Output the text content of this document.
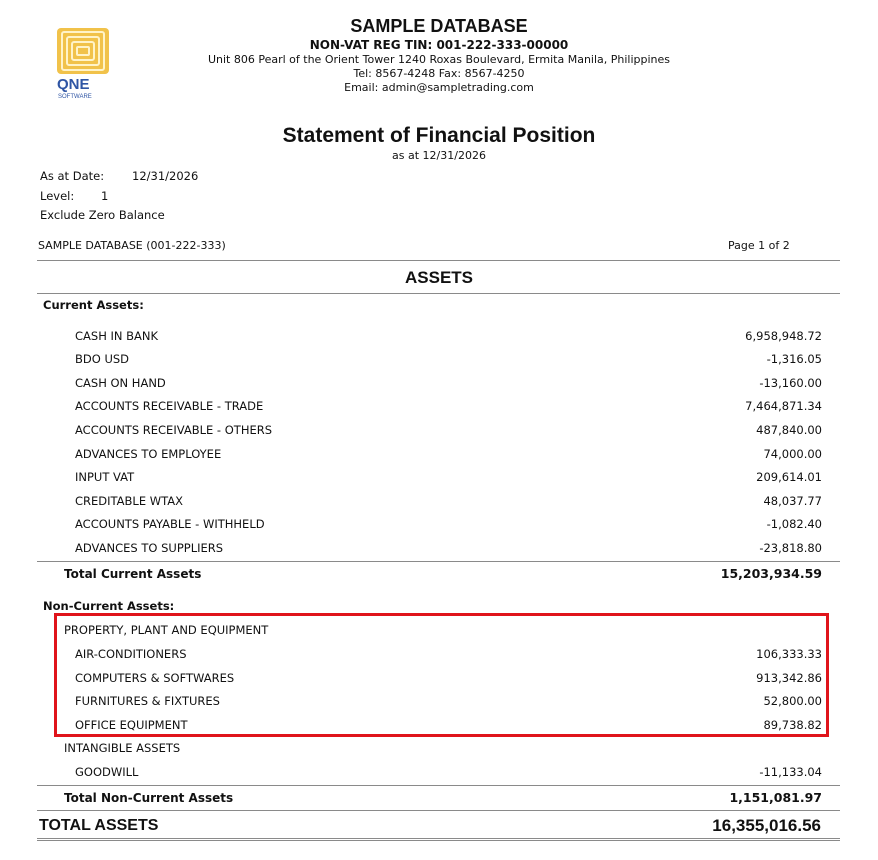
QNE
SOFTWARE
SAMPLE DATABASE
NON-VAT REG TIN: 001-222-333-00000
Unit 806 Pearl of the Orient Tower 1240 Roxas Boulevard, Ermita Manila, Philippines
Tel: 8567-4248 Fax: 8567-4250
Email: admin@sampletrading.com
Statement of Financial Position
as at 12/31/2026
As at Date: 12/31/2026
Level: 1
Exclude Zero Balance
SAMPLE DATABASE (001-222-333)	Page 1 of 2
ASSETS
Current Assets:
CASH IN BANK	6,958,948.72
BDO USD	-1,316.05
CASH ON HAND	-13,160.00
ACCOUNTS RECEIVABLE - TRADE	7,464,871.34
ACCOUNTS RECEIVABLE - OTHERS	487,840.00
ADVANCES TO EMPLOYEE	74,000.00
INPUT VAT	209,614.01
CREDITABLE WTAX	48,037.77
ACCOUNTS PAYABLE - WITHHELD	-1,082.40
ADVANCES TO SUPPLIERS	-23,818.80
Total Current Assets	15,203,934.59
Non-Current Assets:
PROPERTY, PLANT AND EQUIPMENT
AIR-CONDITIONERS	106,333.33
COMPUTERS & SOFTWARES	913,342.86
FURNITURES & FIXTURES	52,800.00
OFFICE EQUIPMENT	89,738.82
INTANGIBLE ASSETS
GOODWILL	-11,133.04
Total Non-Current Assets	1,151,081.97
TOTAL ASSETS	16,355,016.56
